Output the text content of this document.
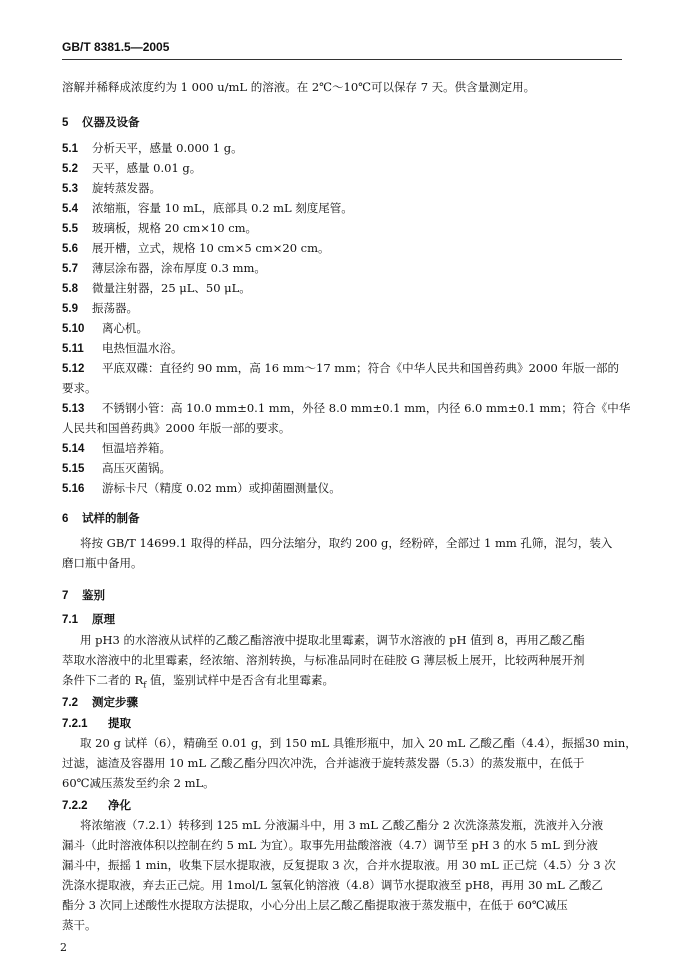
GB/T 8381.5—2005
溶解并稀释成浓度约为 1 000 u/mL 的溶液。在 2℃～10℃可以保存 7 天。供含量测定用。
5 仪器及设备
5.1 分析天平，感量 0.000 1 g。
5.2 天平，感量 0.01 g。
5.3 旋转蒸发器。
5.4 浓缩瓶，容量 10 mL，底部具 0.2 mL 刻度尾管。
5.5 玻璃板，规格 20 cm×10 cm。
5.6 展开槽，立式，规格 10 cm×5 cm×20 cm。
5.7 薄层涂布器，涂布厚度 0.3 mm。
5.8 微量注射器，25 μL、50 μL。
5.9 振荡器。
5.10 离心机。
5.11 电热恒温水浴。
5.12 平底双碟：直径约 90 mm，高 16 mm～17 mm；符合《中华人民共和国兽药典》2000 年版一部的
要求。
5.13 不锈钢小管：高 10.0 mm±0.1 mm，外径 8.0 mm±0.1 mm，内径 6.0 mm±0.1 mm；符合《中华
人民共和国兽药典》2000 年版一部的要求。
5.14 恒温培养箱。
5.15 高压灭菌锅。
5.16 游标卡尺（精度 0.02 mm）或抑菌圈测量仪。
6 试样的制备
将按 GB/T 14699.1 取得的样品，四分法缩分，取约 200 g，经粉碎，全部过 1 mm 孔筛，混匀，装入
磨口瓶中备用。
7 鉴别
7.1 原理
用 pH3 的水溶液从试样的乙酸乙酯溶液中提取北里霉素，调节水溶液的 pH 值到 8，再用乙酸乙酯
萃取水溶液中的北里霉素，经浓缩、溶剂转换，与标准品同时在硅胶 G 薄层板上展开，比较两种展开剂
条件下二者的 $R_f$ 值，鉴别试样中是否含有北里霉素。
7.2 测定步骤
7.2.1 提取
取 20 g 试样（6），精确至 0.01 g，到 150 mL 具锥形瓶中，加入 20 mL 乙酸乙酯（4.4），振摇30 min，
过滤，滤渣及容器用 10 mL 乙酸乙酯分四次冲洗，合并滤液于旋转蒸发器（5.3）的蒸发瓶中，在低于
60℃减压蒸发至约余 2 mL。
7.2.2 净化
将浓缩液（7.2.1）转移到 125 mL 分液漏斗中，用 3 mL 乙酸乙酯分 2 次洗涤蒸发瓶，洗液并入分液
漏斗（此时溶液体积以控制在约 5 mL 为宜）。取事先用盐酸溶液（4.7）调节至 pH 3 的水 5 mL 到分液
漏斗中，振摇 1 min，收集下层水提取液，反复提取 3 次，合并水提取液。用 30 mL 正己烷（4.5）分 3 次
洗涤水提取液，弃去正己烷。用 1mol/L 氢氧化钠溶液（4.8）调节水提取液至 pH8，再用 30 mL 乙酸乙
酯分 3 次同上述酸性水提取方法提取，小心分出上层乙酸乙酯提取液于蒸发瓶中，在低于 60℃减压
蒸干。
2
